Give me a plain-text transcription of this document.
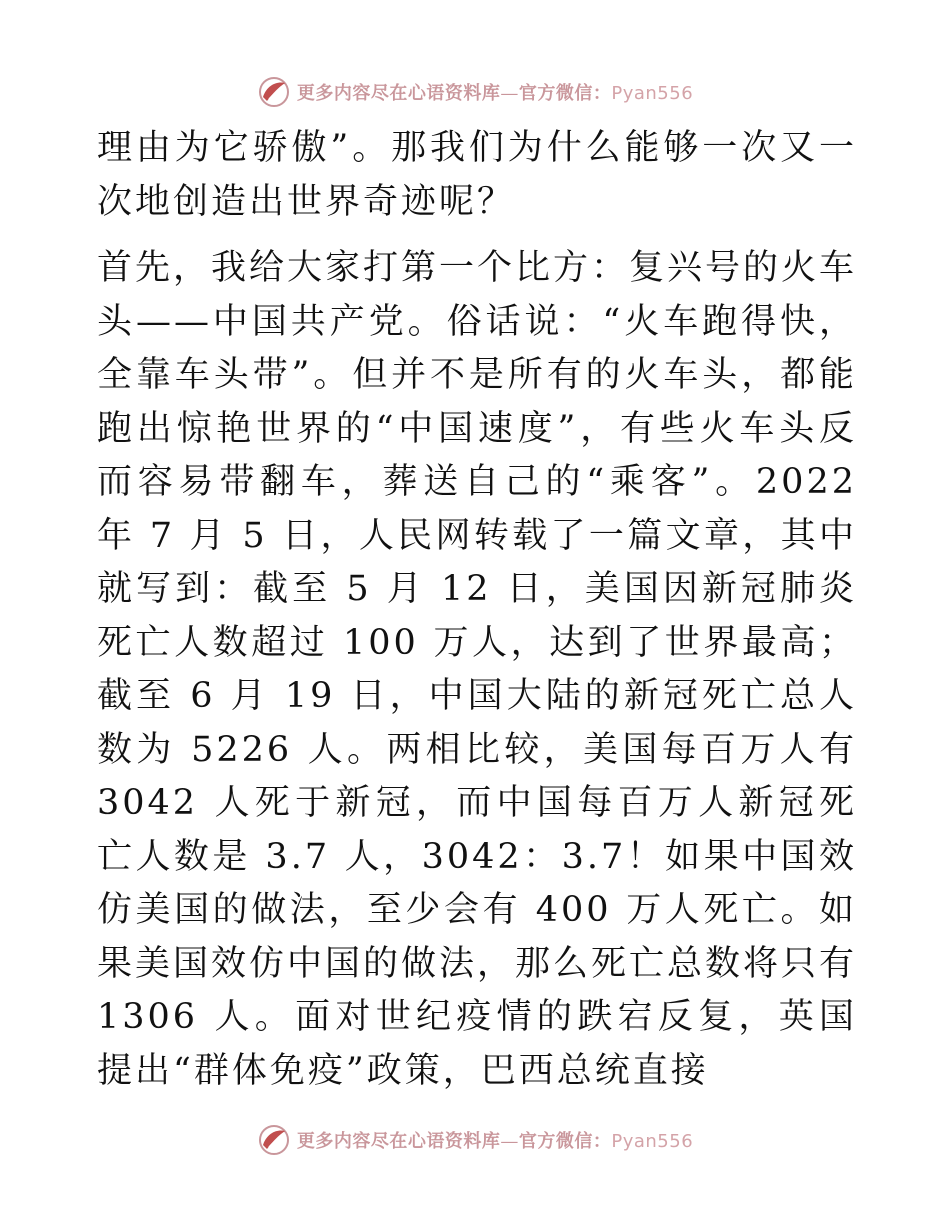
更多内容尽在心语资料库—官方微信：Pyan556

理由为它骄傲”。那我们为什么能够一次又一次地创造出世界奇迹呢？

首先，我给大家打第一个比方：复兴号的火车头——中国共产党。俗话说：“火车跑得快，全靠车头带”。但并不是所有的火车头，都能跑出惊艳世界的“中国速度”，有些火车头反而容易带翻车，葬送自己的“乘客”。2022 年 7 月 5 日，人民网转载了一篇文章，其中就写到：截至 5 月 12 日，美国因新冠肺炎死亡人数超过 100 万人，达到了世界最高；截至 6 月 19 日，中国大陆的新冠死亡总人数为 5226 人。两相比较，美国每百万人有 3042 人死于新冠，而中国每百万人新冠死亡人数是 3.7 人，3042：3.7！如果中国效仿美国的做法，至少会有 400 万人死亡。如果美国效仿中国的做法，那么死亡总数将只有 1306 人。面对世纪疫情的跌宕反复，英国提出“群体免疫”政策，巴西总统直接

更多内容尽在心语资料库—官方微信：Pyan556
